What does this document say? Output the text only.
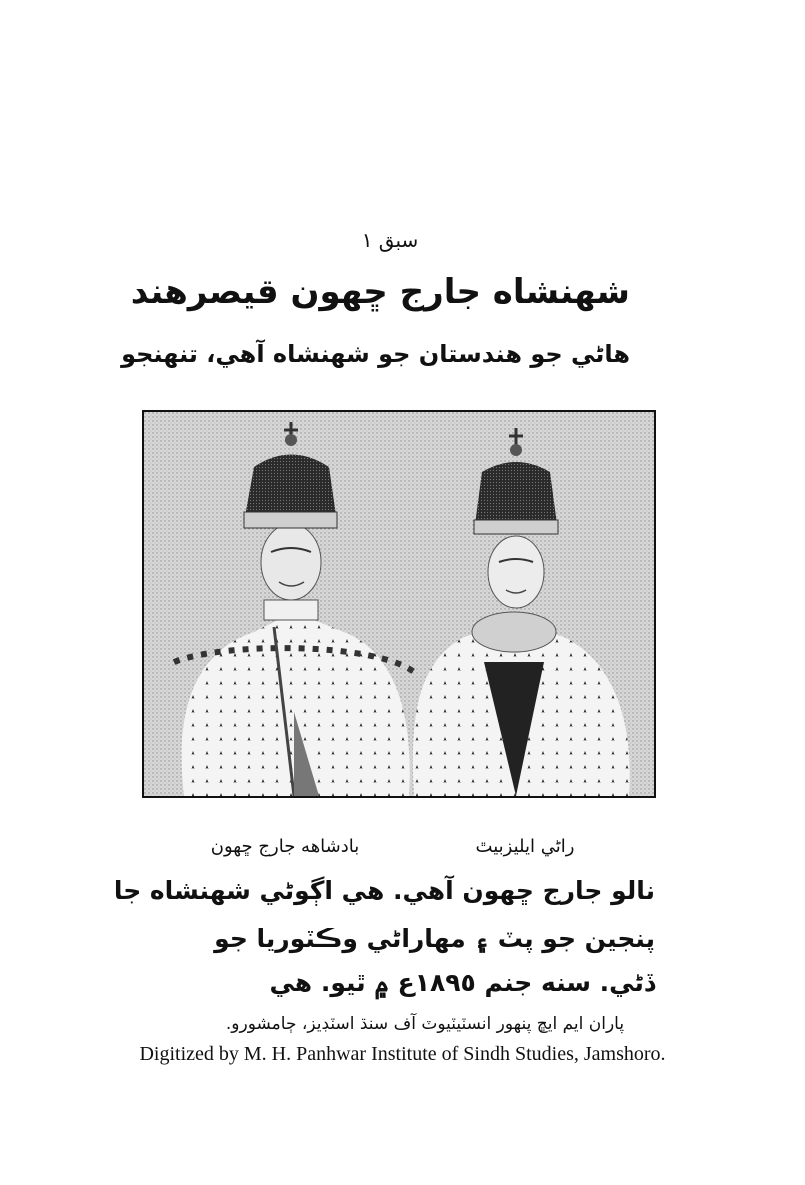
سبق ١
شهنشاه جارج ڇهون قيصرهند
هاڻي جو هندستان جو شهنشاه آهي، تنهنجو
بادشاهه جارج ڇهون	راڻي ايليزبيٿ
نالو جارج ڇهون آهي. هي اڳوڻي شهنشاه جا
پنجين جو پٽ ۽ مهاراڻي وڪٽوريا جو
ڏڻي. سنه جنم ١٨٩٥ع ۾ ٿيو. هي
پاران ايم ايڇ پنهور انسٽيٽيوٽ آف سنڌ اسٽڊيز، ڄامشورو.
Digitized by M. H. Panhwar Institute of Sindh Studies, Jamshoro.
